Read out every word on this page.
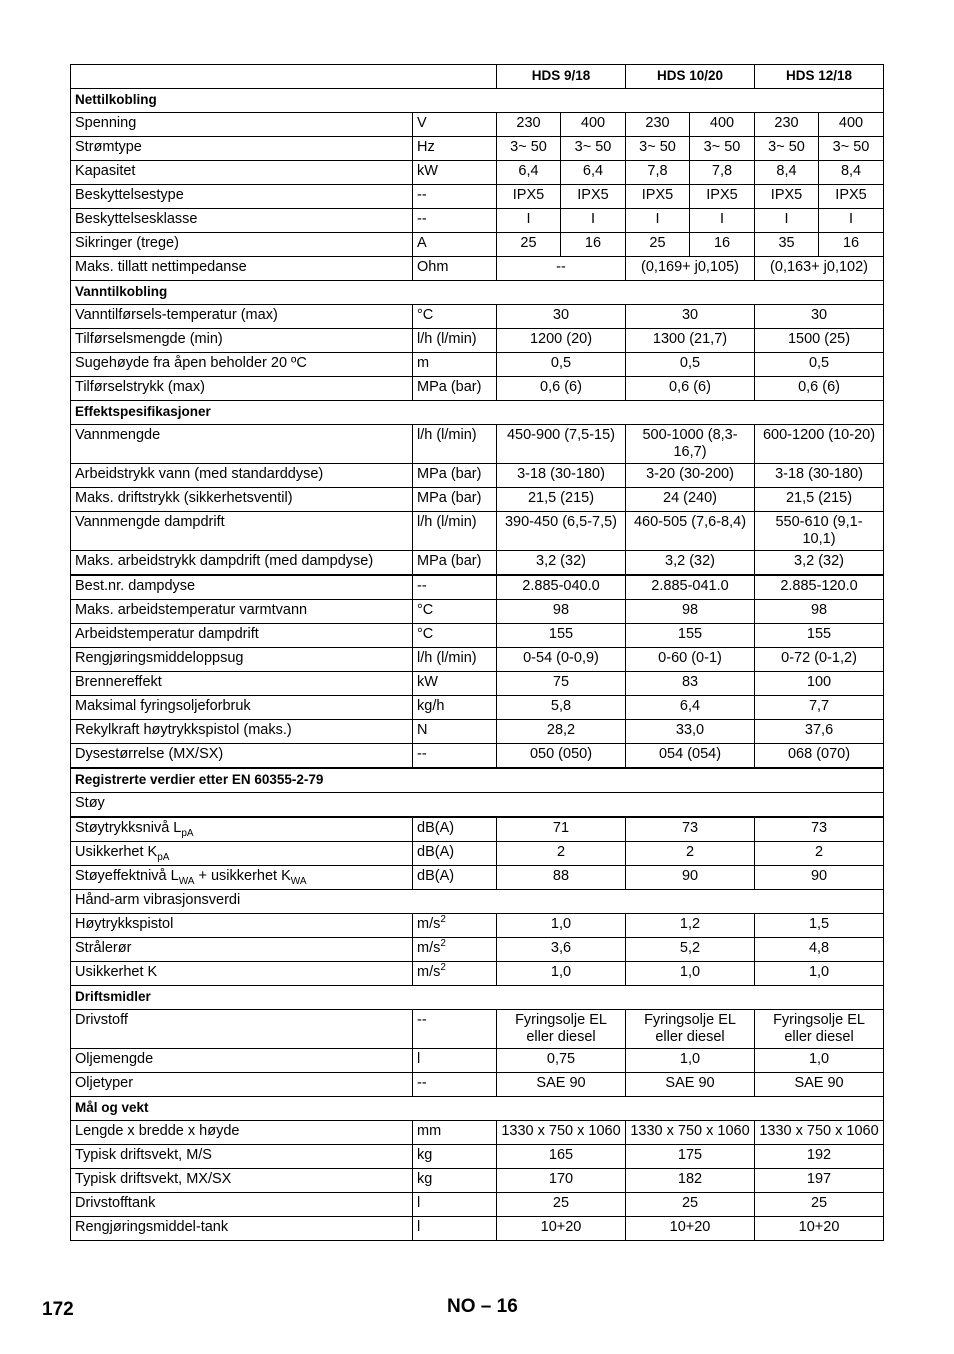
		HDS 9/18		HDS 10/20		HDS 12/18	
Nettilkobling							
Spenning	V	230	400	230	400	230	400
Strømtype	Hz	3~ 50	3~ 50	3~ 50	3~ 50	3~ 50	3~ 50
Kapasitet	kW	6,4	6,4	7,8	7,8	8,4	8,4
Beskyttelsestype	--	IPX5	IPX5	IPX5	IPX5	IPX5	IPX5
Beskyttelsesklasse	--	I	I	I	I	I	I
Sikringer (trege)	A	25	16	25	16	35	16
Maks. tillatt nettimpedanse	Ohm	--		(0,169+ j0,105)		(0,163+ j0,102)	
Vanntilkobling							
Vanntilførsels-temperatur (max)	°C	30		30		30	
Tilførselsmengde (min)	l/h (l/min)	1200 (20)		1300 (21,7)		1500 (25)	
Sugehøyde fra åpen beholder 20 ºC	m	0,5		0,5		0,5	
Tilførselstrykk (max)	MPa (bar)	0,6 (6)		0,6 (6)		0,6 (6)	
Effektspesifikasjoner							
Vannmengde	l/h (l/min)	450-900 (7,5-15)		500-1000 (8,3-16,7)		600-1200 (10-20)	
Arbeidstrykk vann (med standarddyse)	MPa (bar)	3-18 (30-180)		3-20 (30-200)		3-18 (30-180)	
Maks. driftstrykk (sikkerhetsventil)	MPa (bar)	21,5 (215)		24 (240)		21,5 (215)	
Vannmengde dampdrift	l/h (l/min)	390-450 (6,5-7,5)		460-505 (7,6-8,4)		550-610 (9,1-10,1)	
Maks. arbeidstrykk dampdrift (med dampdyse)	MPa (bar)	3,2 (32)		3,2 (32)		3,2 (32)	
Best.nr. dampdyse	--	2.885-040.0		2.885-041.0		2.885-120.0	
Maks. arbeidstemperatur varmtvann	°C	98		98		98	
Arbeidstemperatur dampdrift	°C	155		155		155	
Rengjøringsmiddeloppsug	l/h (l/min)	0-54 (0-0,9)		0-60 (0-1)		0-72 (0-1,2)	
Brennereffekt	kW	75		83		100	
Maksimal fyringsoljeforbruk	kg/h	5,8		6,4		7,7	
Rekylkraft høytrykkspistol (maks.)	N	28,2		33,0		37,6	
Dysestørrelse (MX/SX)	--	050 (050)		054 (054)		068 (070)	
Registrerte verdier etter EN 60355-2-79							
Støy							
Støytrykksnivå $L_{pA}$	dB(A)	71		73		73	
Usikkerhet $K_{pA}$	dB(A)	2		2		2	
Støyeffektnivå $L_{WA}$ + usikkerhet $K_{WA}$	dB(A)	88		90		90	
Hånd-arm vibrasjonsverdi							
Høytrykkspistol	$m/s^2$	1,0		1,2		1,5	
Strålerør	$m/s^2$	3,6		5,2		4,8	
Usikkerhet K	$m/s^2$	1,0		1,0		1,0	
Driftsmidler							
Drivstoff	--	Fyringsolje EL eller diesel		Fyringsolje EL eller diesel		Fyringsolje EL eller diesel	
Oljemengde	l	0,75		1,0		1,0	
Oljetyper	--	SAE 90		SAE 90		SAE 90	
Mål og vekt							
Lengde x bredde x høyde	mm	1330 x 750 x 1060		1330 x 750 x 1060		1330 x 750 x 1060	
Typisk driftsvekt, M/S	kg	165		175		192	
Typisk driftsvekt, MX/SX	kg	170		182		197	
Drivstofftank	l	25		25		25	
Rengjøringsmiddel-tank	l	10+20		10+20		10+20	
172	NO – 16
